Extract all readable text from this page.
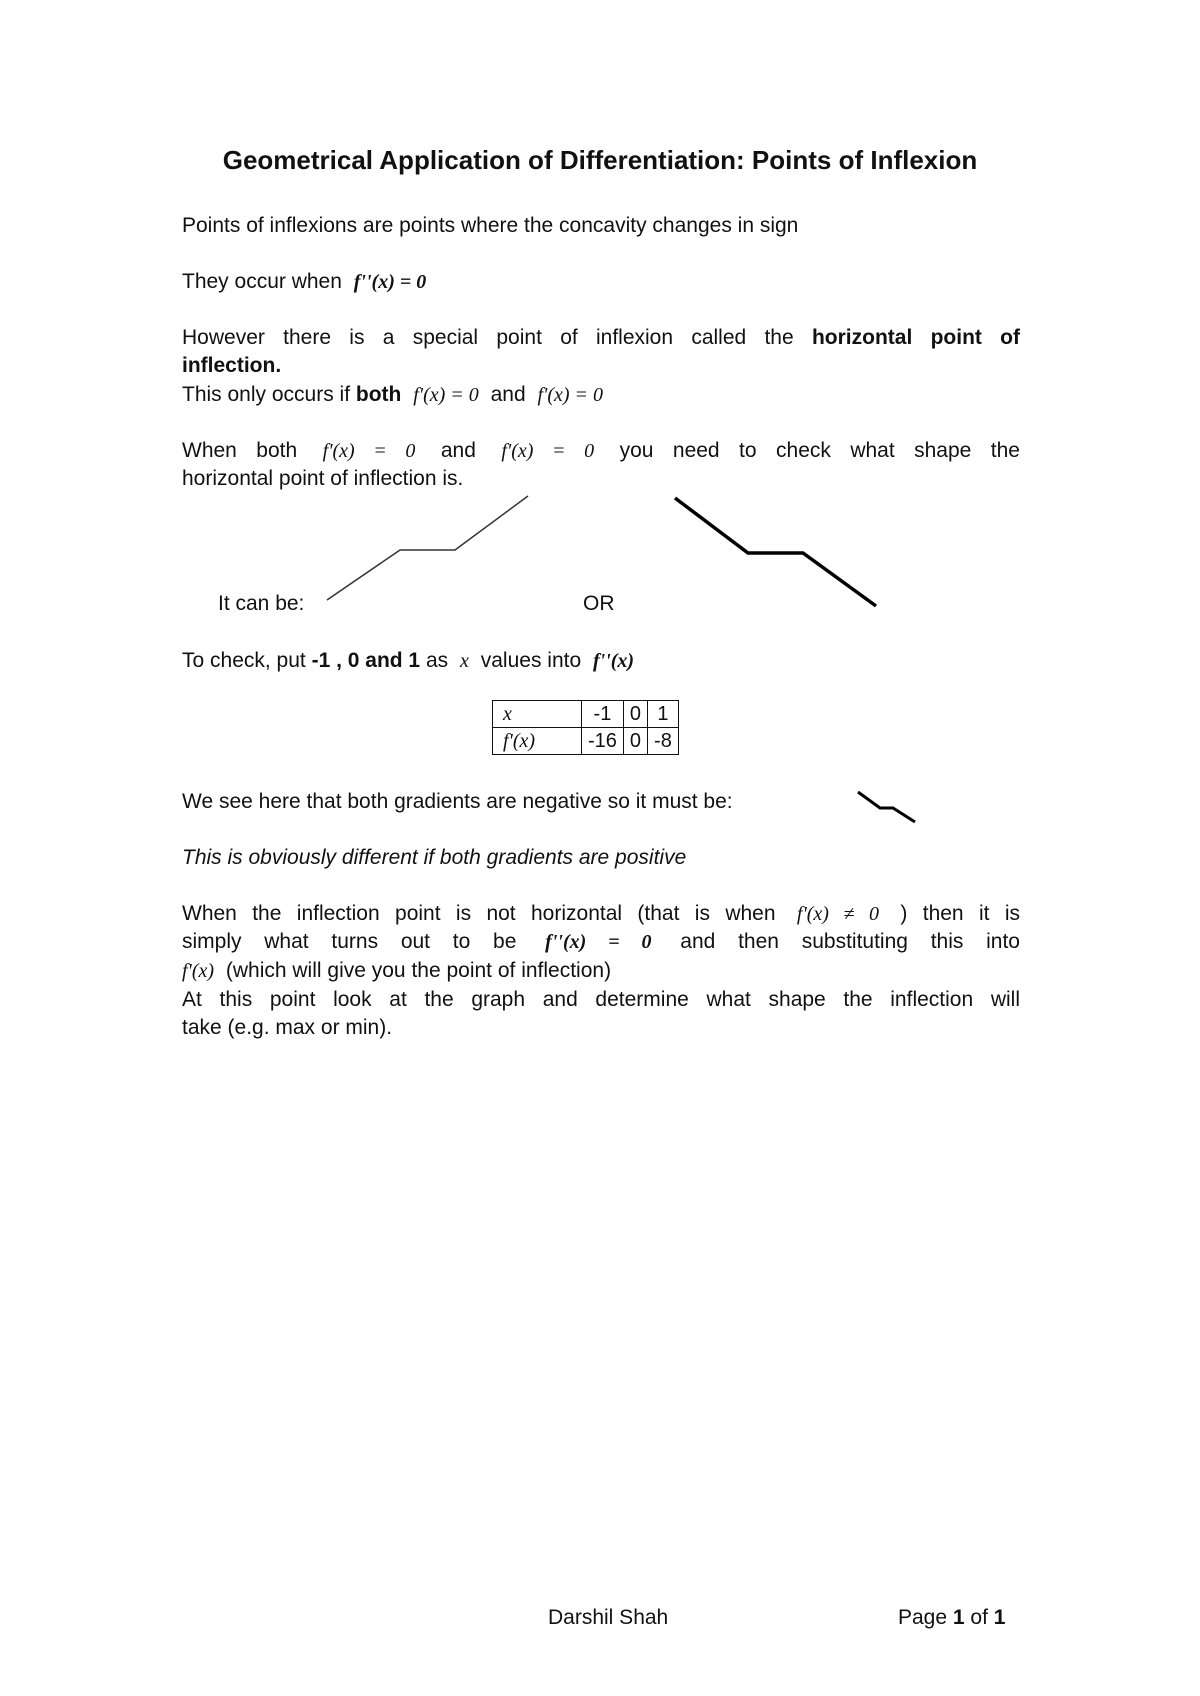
Geometrical Application of Differentiation: Points of Inflexion
Points of inflexions are points where the concavity changes in sign
They occur when f''(x) = 0
However there is a special point of inflexion called the horizontal point of
inflection.
This only occurs if both f'(x) = 0 and f'(x) = 0
When both f'(x) = 0 and f'(x) = 0 you need to check what shape the
horizontal point of inflection is.
It can be:	OR
To check, put -1 , 0 and 1 as x values into f''(x)
x	-1	0	1
f'(x)	-16	0	-8
We see here that both gradients are negative so it must be:
This is obviously different if both gradients are positive
When the inflection point is not horizontal (that is when f'(x) ≠ 0 ) then it is
simply what turns out to be f''(x) = 0 and then substituting this into
f'(x) (which will give you the point of inflection)
At this point look at the graph and determine what shape the inflection will
take (e.g. max or min).
Darshil Shah	Page 1 of 1
